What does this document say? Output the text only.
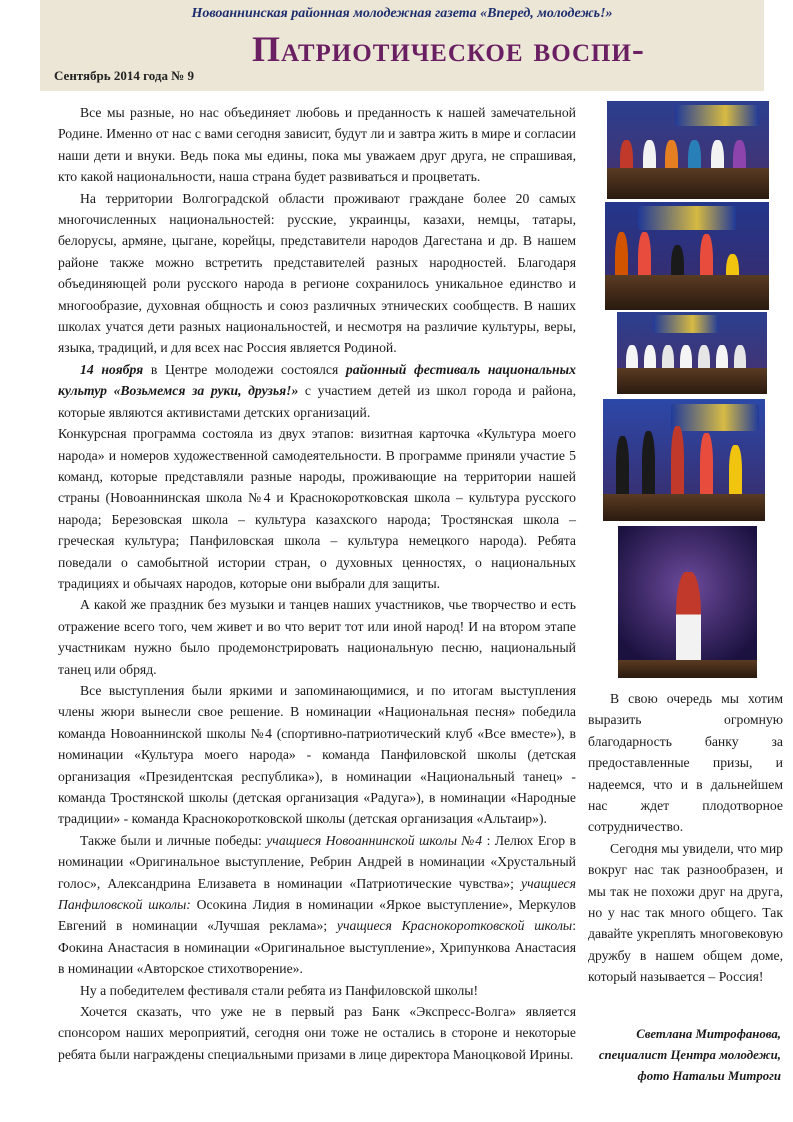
Новоаннинская районная молодежная газета «Вперед, молодежь!»
Патриотическое воспи-
Сентябрь 2014 года № 9

Все мы разные, но нас объединяет любовь и преданность к нашей замечательной Родине. Именно от нас с вами сегодня зависит, будут ли и завтра жить в мире и согласии наши дети и внуки. Ведь пока мы едины, пока мы уважаем друг друга, не спрашивая, кто какой национальности, наша страна будет развиваться и процветать.

На территории Волгоградской области проживают граждане более 20 самых многочисленных национальностей: русские, украинцы, казахи, немцы, татары, белорусы, армяне, цыгане, корейцы, представители народов Дагестана и др. В нашем районе также можно встретить представителей разных народностей. Благодаря объединяющей роли русского народа в регионе сохранилось уникальное единство и многообразие, духовная общность и союз различных этнических сообществ. В наших школах учатся дети разных национальностей, и несмотря на различие культуры, веры, языка, традиций, и для всех нас Россия является Родиной.

14 ноября в Центре молодежи состоялся районный фестиваль национальных культур «Возьмемся за руки, друзья!» с участием детей из школ города и района, которые являются активистами детских организаций.

Конкурсная программа состояла из двух этапов: визитная карточка «Культура моего народа» и номеров художественной самодеятельности. В программе приняли участие 5 команд, которые представляли разные народы, проживающие на территории нашей страны (Новоаннинская школа №4 и Краснокоротковская школа – культура русского народа; Березовская школа – культура казахского народа; Тростянская школа – греческая культура; Панфиловская школа – культура немецкого народа). Ребята поведали о самобытной истории стран, о духовных ценностях, о национальных традициях и обычаях народов, которые они выбрали для защиты.

А какой же праздник без музыки и танцев наших участников, чье творчество и есть отражение всего того, чем живет и во что верит тот или иной народ! И на втором этапе участникам нужно было продемонстрировать национальную песню, национальный танец или обряд.

Все выступления были яркими и запоминающимися, и по итогам выступления члены жюри вынесли свое решение. В номинации «Национальная песня» победила команда Новоаннинской школы №4 (спортивно-патриотический клуб «Все вместе»), в номинации «Культура моего народа» - команда Панфиловской школы (детская организация «Президентская республика»), в номинации «Национальный танец» - команда Тростянской школы (детская организация «Радуга»), в номинации «Народные традиции» - команда Краснокоротковской школы (детская организация «Альтаир»).

Также были и личные победы: учащиеся Новоаннинской школы №4 : Лелюх Егор в номинации «Оригинальное выступление, Ребрин Андрей в номинации «Хрустальный голос», Александрина Елизавета в номинации «Патриотические чувства»; учащиеся Панфиловской школы: Осокина Лидия в номинации «Яркое выступление», Меркулов Евгений в номинации «Лучшая реклама»; учащиеся Краснокоротковской школы: Фокина Анастасия в номинации «Оригинальное выступление», Хрипункова Анастасия в номинации «Авторское стихотворение».

Ну а победителем фестиваля стали ребята из Панфиловской школы!

Хочется сказать, что уже не в первый раз Банк «Экспресс-Волга» является спонсором наших мероприятий, сегодня они тоже не остались в стороне и некоторые ребята были награждены специальными призами в лице директора Маноцковой Ирины.

В свою очередь мы хотим выразить огромную благодарность банку за предоставленные призы, и надеемся, что и в дальнейшем нас ждет плодотворное сотрудничество.

Сегодня мы увидели, что мир вокруг нас так разнообразен, и мы так не похожи друг на друга, но у нас так много общего. Так давайте укреплять многовековую дружбу в нашем общем доме, который называется – Россия!

Светлана Митрофанова,
специалист Центра молодежи,
фото Натальи Митроги
